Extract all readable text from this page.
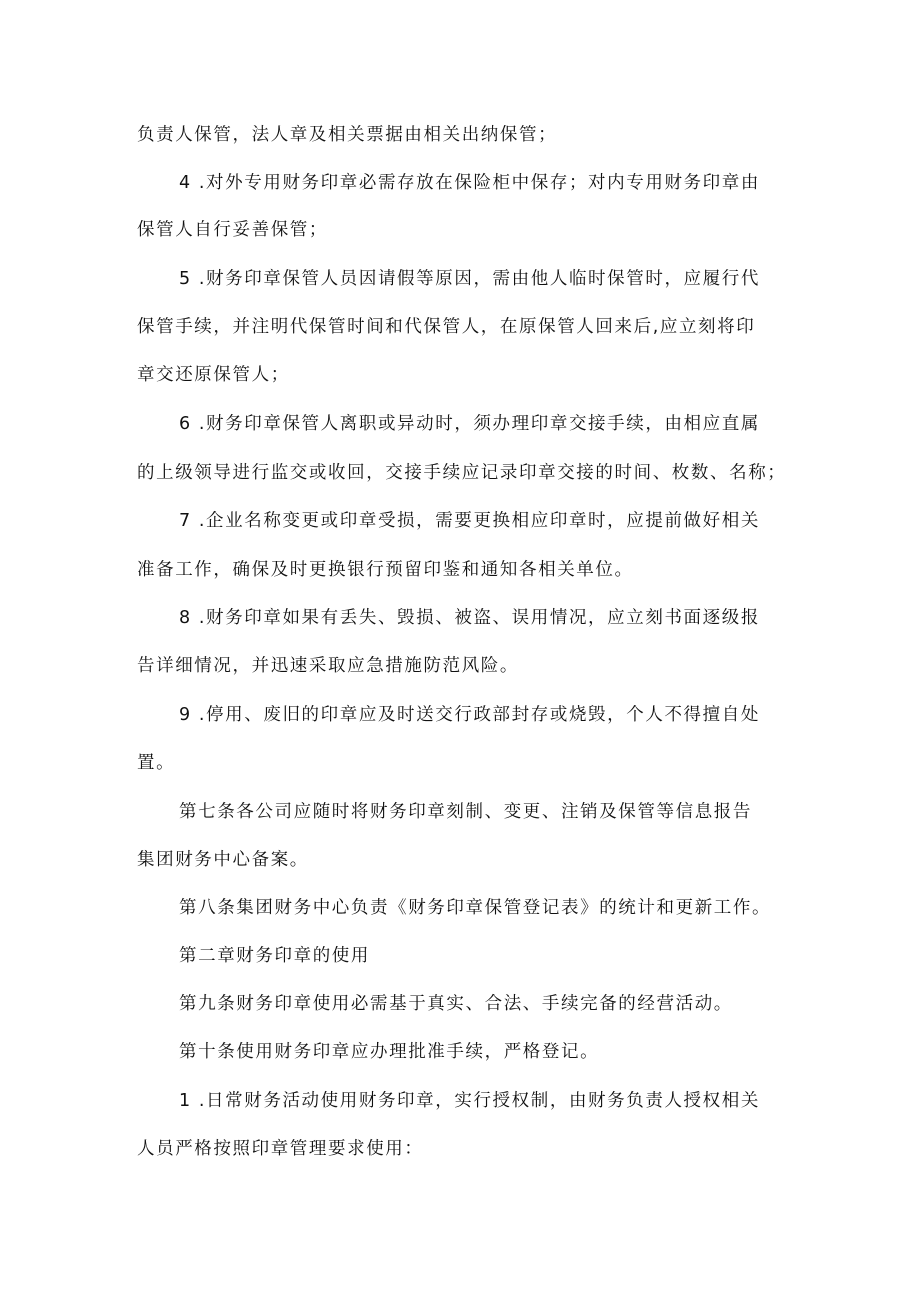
负责人保管，法人章及相关票据由相关出纳保管；
4 .对外专用财务印章必需存放在保险柜中保存；对内专用财务印章由
保管人自行妥善保管；
5 .财务印章保管人员因请假等原因，需由他人临时保管时，应履行代
保管手续，并注明代保管时间和代保管人，在原保管人回来后,应立刻将印
章交还原保管人；
6 .财务印章保管人离职或异动时，须办理印章交接手续，由相应直属
的上级领导进行监交或收回，交接手续应记录印章交接的时间、枚数、名称；
7 .企业名称变更或印章受损，需要更换相应印章时，应提前做好相关
准备工作，确保及时更换银行预留印鉴和通知各相关单位。
8 .财务印章如果有丢失、毁损、被盗、误用情况，应立刻书面逐级报
告详细情况，并迅速采取应急措施防范风险。
9 .停用、废旧的印章应及时送交行政部封存或烧毁，个人不得擅自处
置。
第七条各公司应随时将财务印章刻制、变更、注销及保管等信息报告
集团财务中心备案。
第八条集团财务中心负责《财务印章保管登记表》的统计和更新工作。
第二章财务印章的使用
第九条财务印章使用必需基于真实、合法、手续完备的经营活动。
第十条使用财务印章应办理批准手续，严格登记。
1 .日常财务活动使用财务印章，实行授权制，由财务负责人授权相关
人员严格按照印章管理要求使用：
